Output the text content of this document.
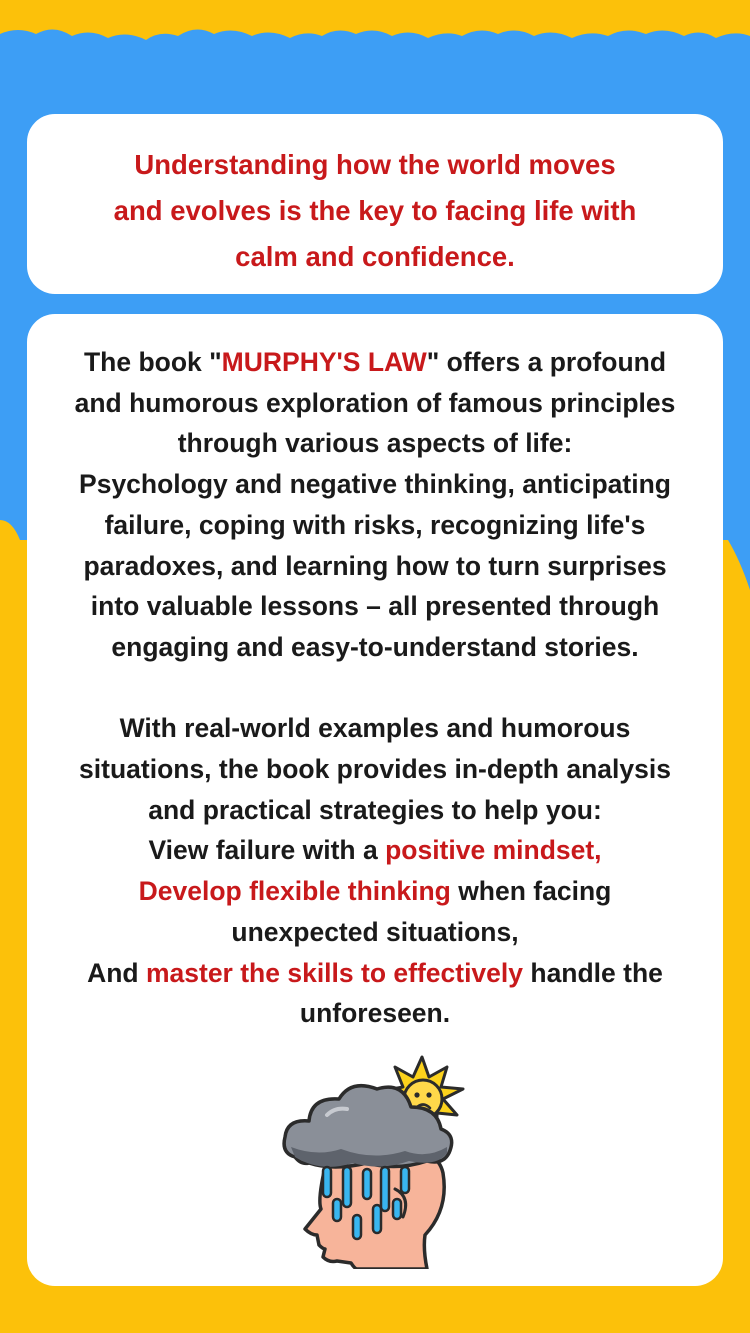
Understanding how the world moves
and evolves is the key to facing life with
calm and confidence.
The book "MURPHY'S LAW" offers a profound
and humorous exploration of famous principles
through various aspects of life:
Psychology and negative thinking, anticipating
failure, coping with risks, recognizing life's
paradoxes, and learning how to turn surprises
into valuable lessons – all presented through
engaging and easy-to-understand stories.
With real-world examples and humorous
situations, the book provides in-depth analysis
and practical strategies to help you:
View failure with a positive mindset,
Develop flexible thinking when facing
unexpected situations,
And master the skills to effectively handle the
unforeseen.
